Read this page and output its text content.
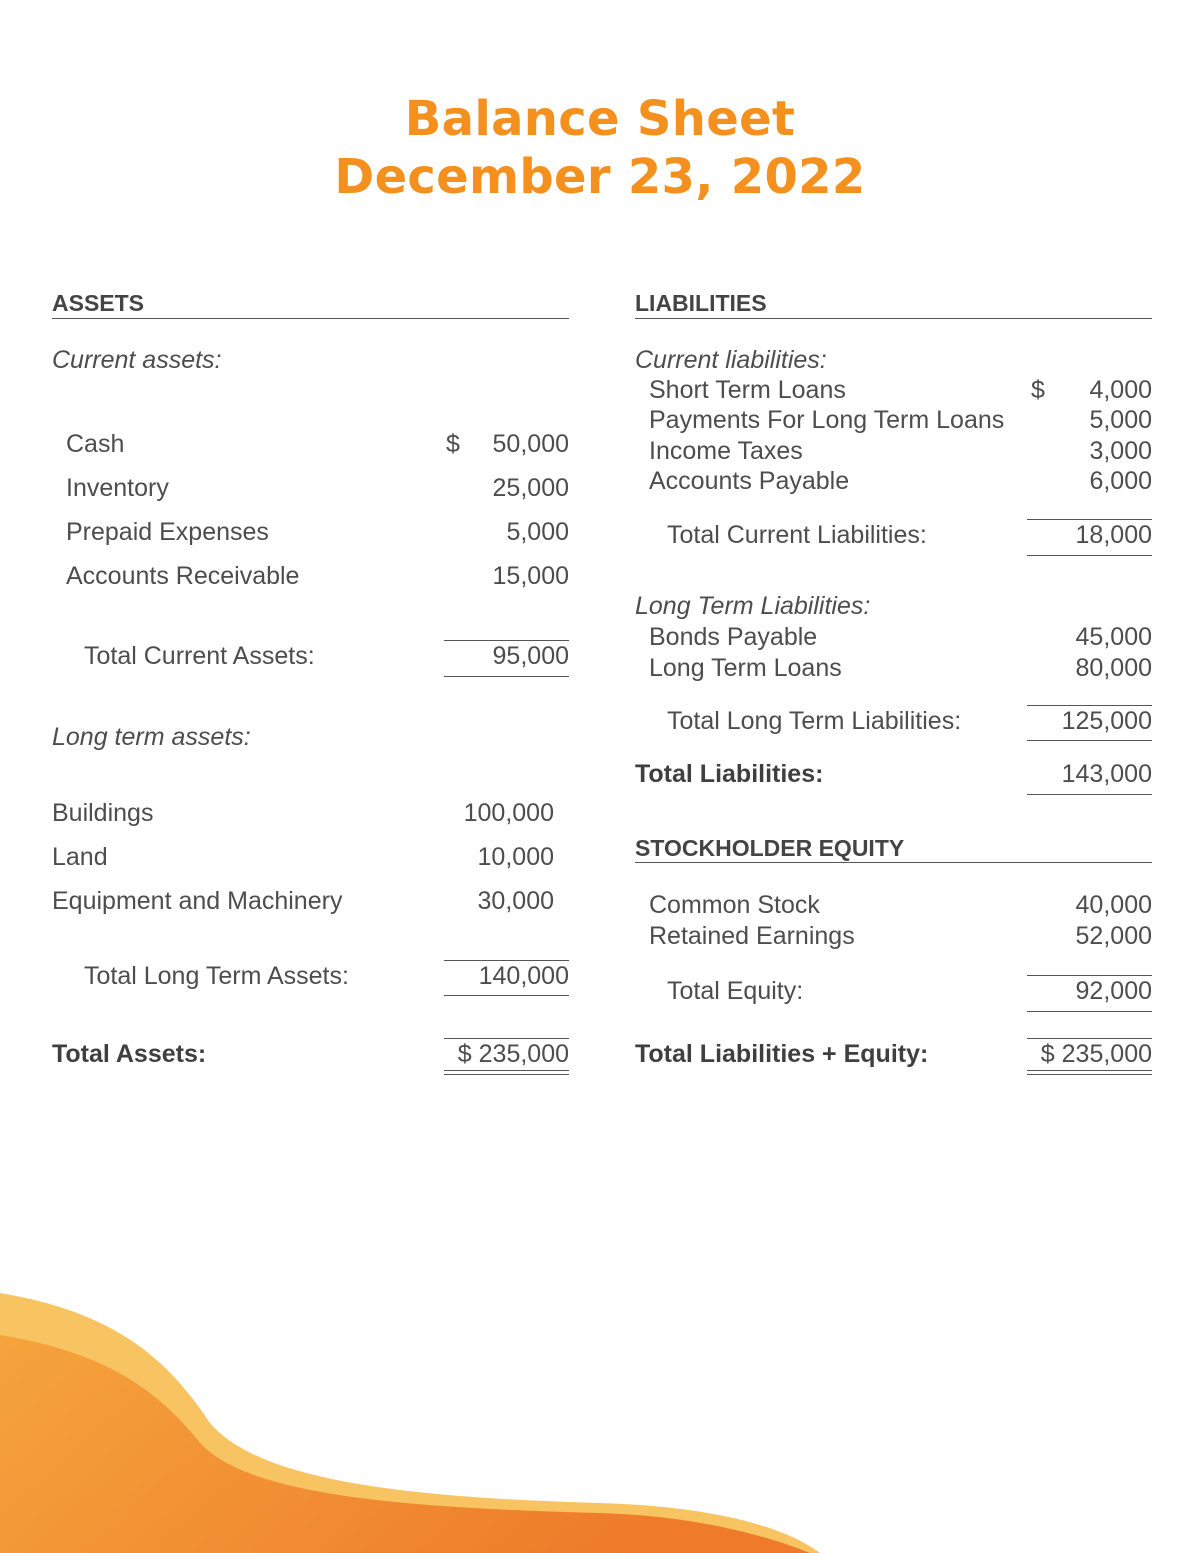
Balance Sheet
December 23, 2022
ASSETS
Current assets:
Cash	$ 50,000
Inventory	25,000
Prepaid Expenses	5,000
Accounts Receivable	15,000
Total Current Assets:	95,000
Long term assets:
Buildings	100,000
Land	10,000
Equipment and Machinery	30,000
Total Long Term Assets:	140,000
Total Assets:	$ 235,000
LIABILITIES
Current liabilities:
Short Term Loans	$ 4,000
Payments For Long Term Loans	5,000
Income Taxes	3,000
Accounts Payable	6,000
Total Current Liabilities:	18,000
Long Term Liabilities:
Bonds Payable	45,000
Long Term Loans	80,000
Total Long Term Liabilities:	125,000
Total Liabilities:	143,000
STOCKHOLDER EQUITY
Common Stock	40,000
Retained Earnings	52,000
Total Equity:	92,000
Total Liabilities + Equity:	$ 235,000
